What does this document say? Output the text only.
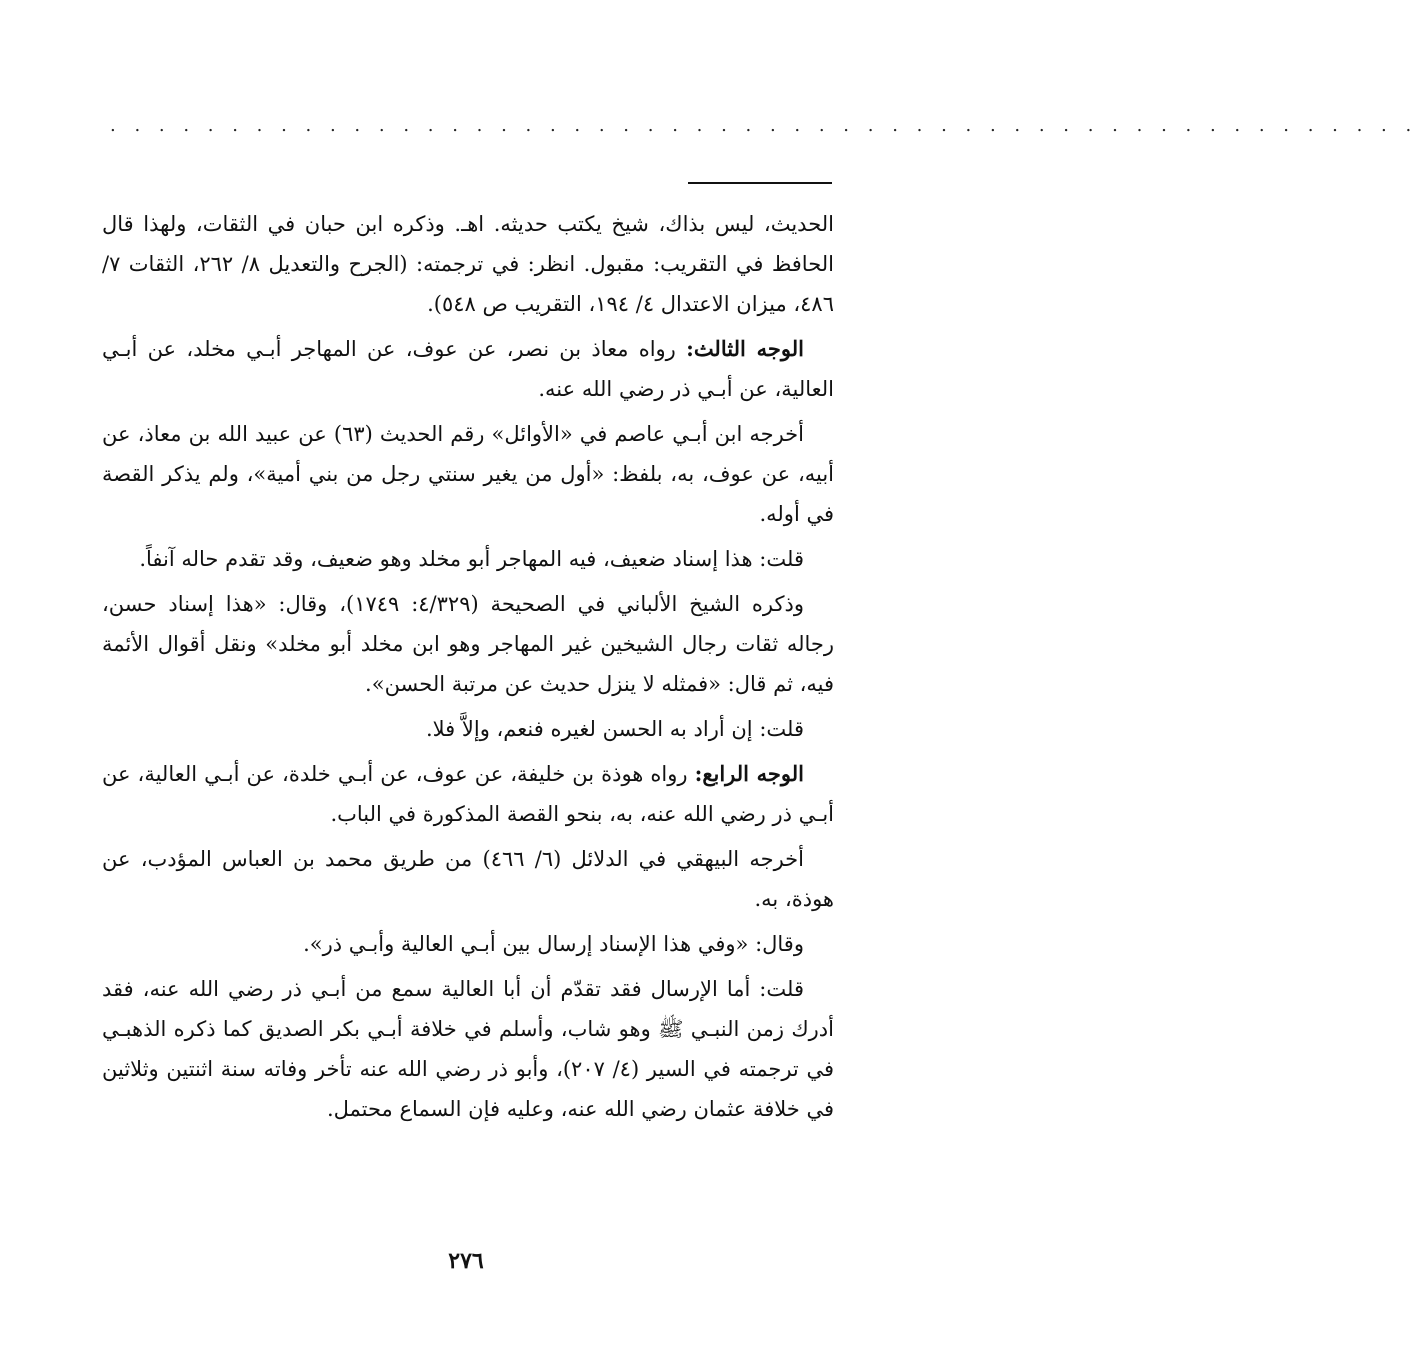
. . . . . . . . . . . . . . . . . . . . . . . . . . . . . . . . . . . . . . . . . . . . . . . . . . . . . .

الحديث، ليس بذاك، شيخ يكتب حديثه. اهـ. وذكره ابن حبان في الثقات، ولهذا قال الحافظ في التقريب: مقبول. انظر: في ترجمته: (الجرح والتعديل ٨/ ٢٦٢، الثقات ٧/ ٤٨٦، ميزان الاعتدال ٤/ ١٩٤، التقريب ص ٥٤٨).

الوجه الثالث: رواه معاذ بن نصر، عن عوف، عن المهاجر أبـي مخلد، عن أبـي العالية، عن أبـي ذر رضي الله عنه.

أخرجه ابن أبـي عاصم في «الأوائل» رقم الحديث (٦٣) عن عبيد الله بن معاذ، عن أبيه، عن عوف، به، بلفظ: «أول من يغير سنتي رجل من بني أمية»، ولم يذكر القصة في أوله.

قلت: هذا إسناد ضعيف، فيه المهاجر أبو مخلد وهو ضعيف، وقد تقدم حاله آنفاً.

وذكره الشيخ الألباني في الصحيحة (٤/٣٢٩: ١٧٤٩)، وقال: «هذا إسناد حسن، رجاله ثقات رجال الشيخين غير المهاجر وهو ابن مخلد أبو مخلد» ونقل أقوال الأئمة فيه، ثم قال: «فمثله لا ينزل حديث عن مرتبة الحسن».

قلت: إن أراد به الحسن لغيره فنعم، وإلاَّ فلا.

الوجه الرابع: رواه هوذة بن خليفة، عن عوف، عن أبـي خلدة، عن أبـي العالية، عن أبـي ذر رضي الله عنه، به، بنحو القصة المذكورة في الباب.

أخرجه البيهقي في الدلائل (٦/ ٤٦٦) من طريق محمد بن العباس المؤدب، عن هوذة، به.

وقال: «وفي هذا الإسناد إرسال بين أبـي العالية وأبـي ذر».

قلت: أما الإرسال فقد تقدّم أن أبا العالية سمع من أبـي ذر رضي الله عنه، فقد أدرك زمن النبـي ﷺ وهو شاب، وأسلم في خلافة أبـي بكر الصديق كما ذكره الذهبـي في ترجمته في السير (٤/ ٢٠٧)، وأبو ذر رضي الله عنه تأخر وفاته سنة اثنتين وثلاثين في خلافة عثمان رضي الله عنه، وعليه فإن السماع محتمل.

٢٧٦
